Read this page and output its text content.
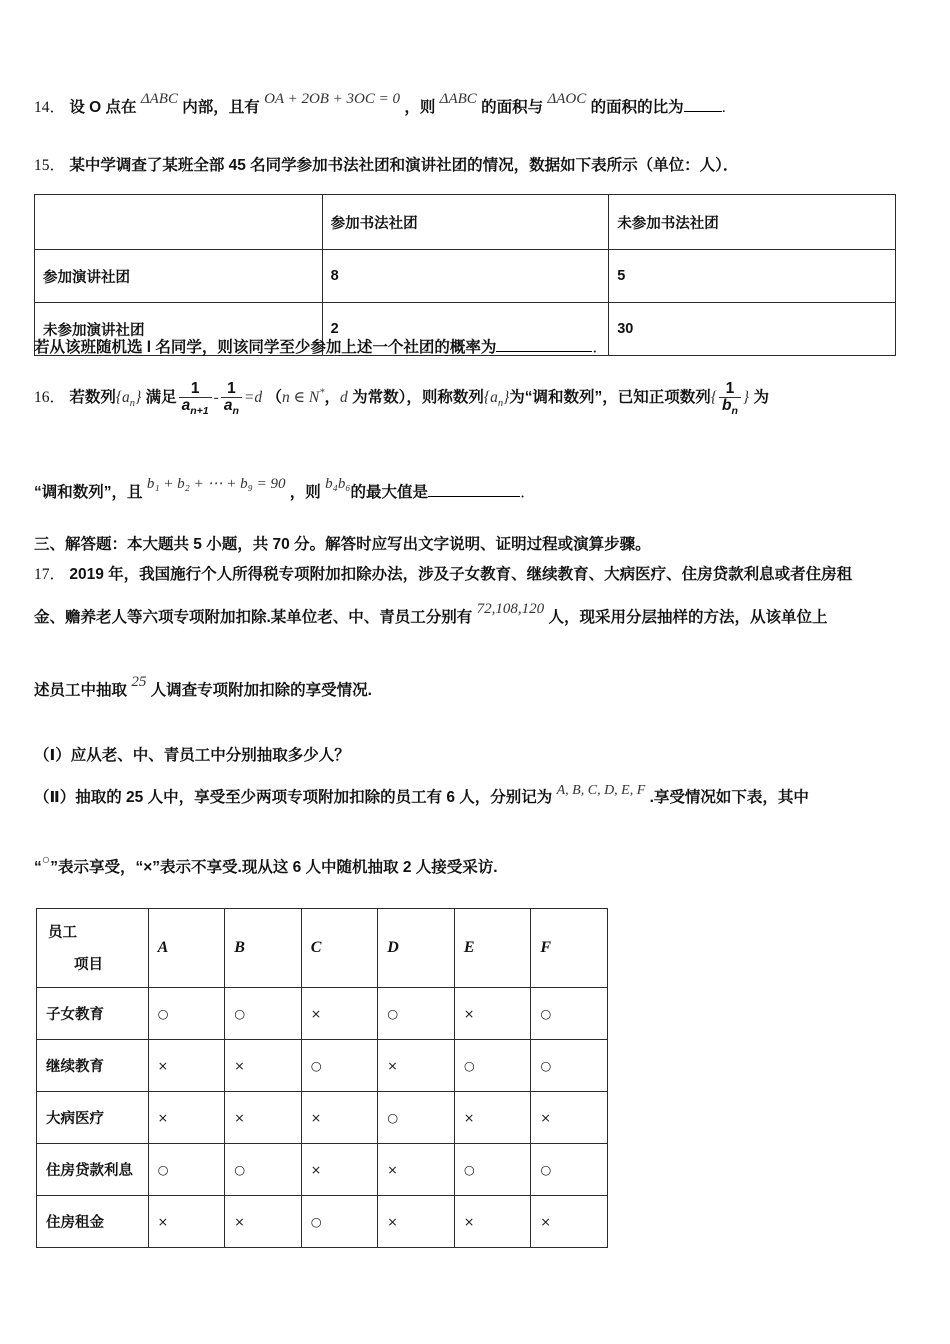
14． 设 O 点在 ΔABC 内部，且有 OA + 2OB + 3OC = 0 ，则 ΔABC 的面积与 ΔAOC 的面积的比为 .
15． 某中学调查了某班全部 45 名同学参加书法社团和演讲社团的情况，数据如下表所示（单位：人）．
	参加书法社团	未参加书法社团
参加演讲社团	8	5
未参加演讲社团	2	30
若从该班随机选 l 名同学，则该同学至少参加上述一个社团的概率为	．
16． 若数列$\{a_n\}$ 满足 $\frac{1}{a_{n+1}} - \frac{1}{a_n} =d$ （n ∈ N*，d 为常数），则称数列$\{a_n\}$为“调和数列”，已知正项数列{ $\frac{1}{b_n}$ } 为
“调和数列”，且 b₁ + b₂ + ⋯ + b₉ = 90 ，则 b₄b₆的最大值是	．
三、解答题：本大题共 5 小题，共 70 分。解答时应写出文字说明、证明过程或演算步骤。
17． 2019 年，我国施行个人所得税专项附加扣除办法，涉及子女教育、继续教育、大病医疗、住房贷款利息或者住房租
金、赡养老人等六项专项附加扣除.某单位老、中、青员工分别有 72,108,120 人，现采用分层抽样的方法，从该单位上
述员工中抽取 25 人调查专项附加扣除的享受情况.
（Ⅰ）应从老、中、青员工中分别抽取多少人？
（Ⅱ）抽取的 25 人中，享受至少两项专项附加扣除的员工有 6 人，分别记为 A, B, C, D, E, F .享受情况如下表，其中
“○”表示享受，“×”表示不享受.现从这 6 人中随机抽取 2 人接受采访.
员工
项目	A	B	C	D	E	F
子女教育	○	○	×	○	×	○
继续教育	×	×	○	×	○	○
大病医疗	×	×	×	○	×	×
住房贷款利息	○	○	×	×	○	○
住房租金	×	×	○	×	×	×
